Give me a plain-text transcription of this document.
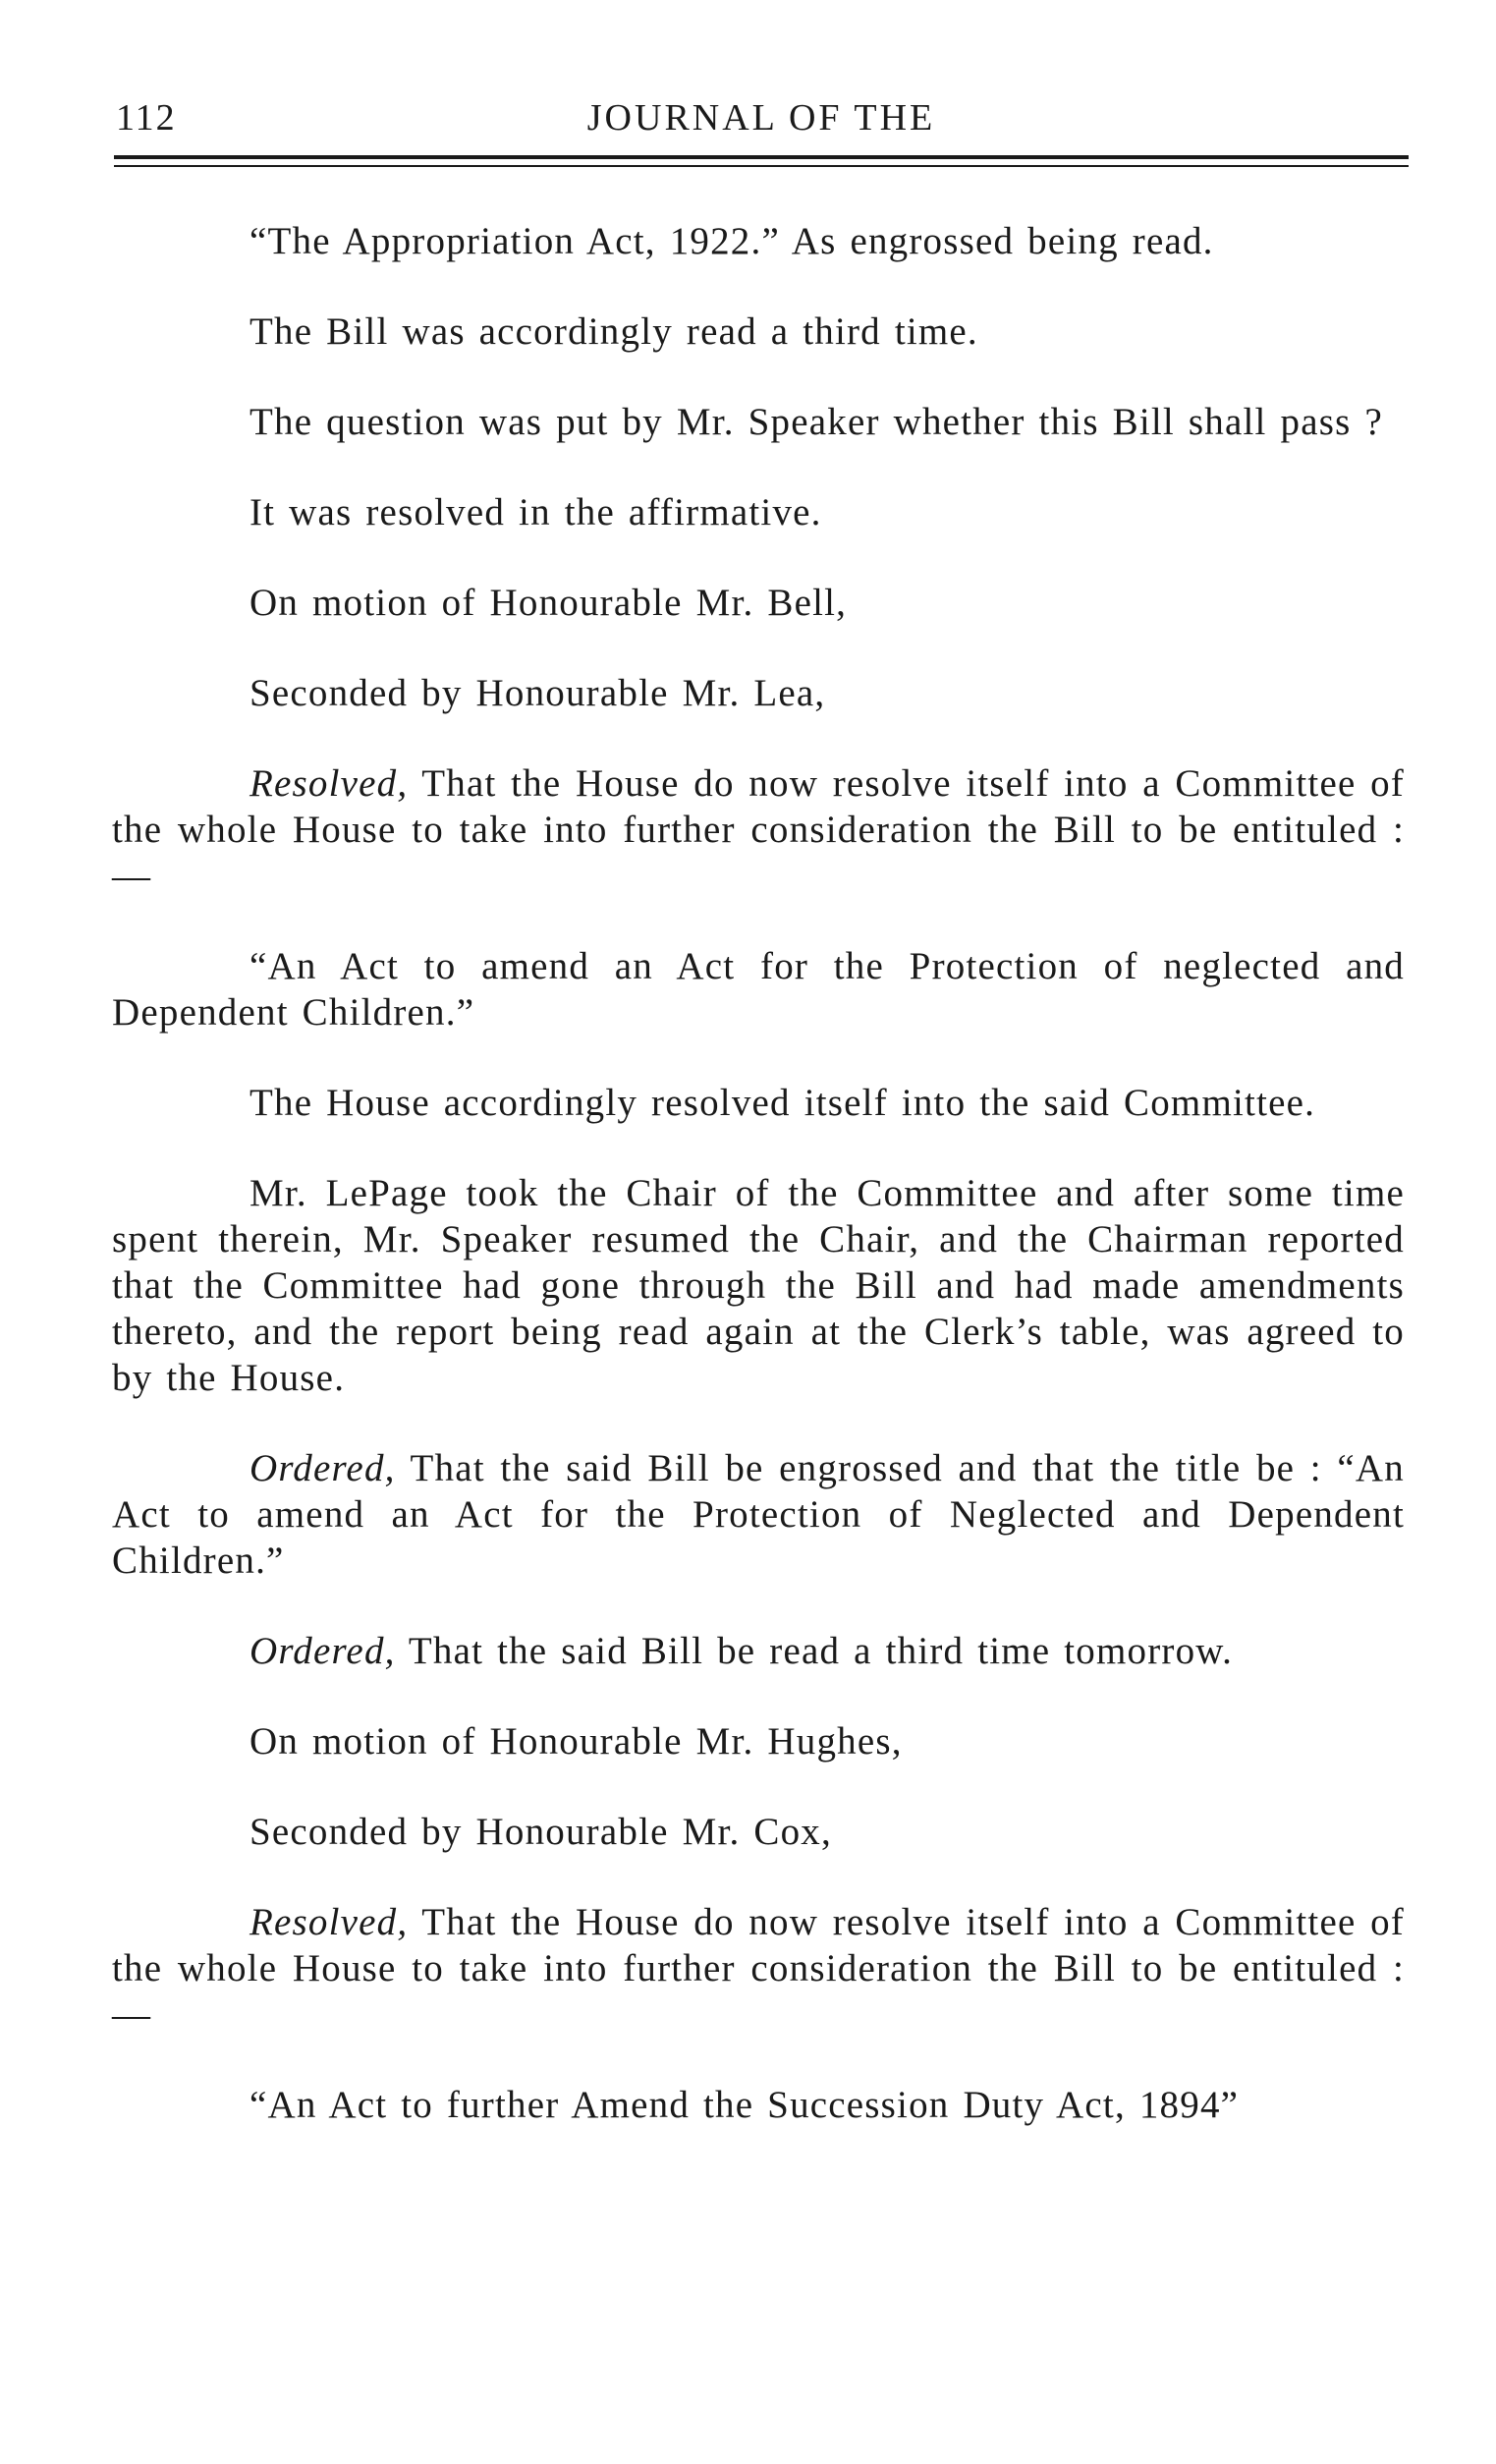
112	JOURNAL OF THE

“The Appropriation Act, 1922.” As engrossed being read.

The Bill was accordingly read a third time.

The question was put by Mr. Speaker whether this Bill shall pass ?

It was resolved in the affirmative.

On motion of Honourable Mr. Bell,

Seconded by Honourable Mr. Lea,

Resolved, That the House do now resolve itself into a Committee of the whole House to take into further consideration the Bill to be entituled :—

“An Act to amend an Act for the Protection of neglected and Dependent Children.”

The House accordingly resolved itself into the said Committee.

Mr. LePage took the Chair of the Committee and after some time spent therein, Mr. Speaker resumed the Chair, and the Chairman reported that the Committee had gone through the Bill and had made amendments thereto, and the report being read again at the Clerk’s table, was agreed to by the House.

Ordered, That the said Bill be engrossed and that the title be : “An Act to amend an Act for the Protection of Neglected and Dependent Children.”

Ordered, That the said Bill be read a third time tomorrow.

On motion of Honourable Mr. Hughes,

Seconded by Honourable Mr. Cox,

Resolved, That the House do now resolve itself into a Committee of the whole House to take into further consideration the Bill to be entituled :—

“An Act to further Amend the Succession Duty Act, 1894”
